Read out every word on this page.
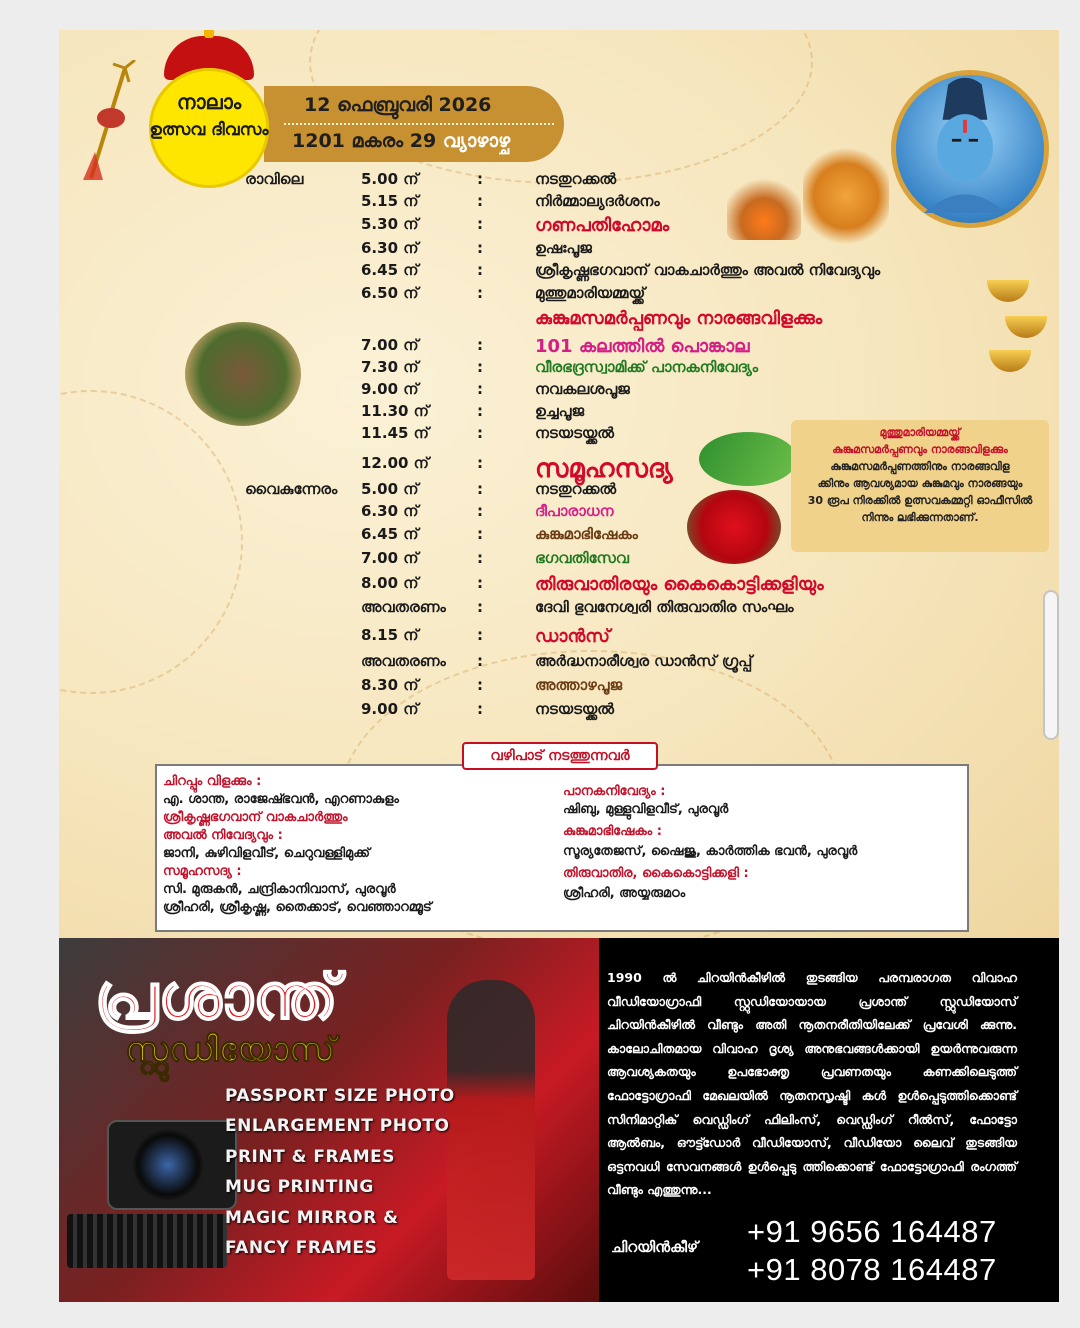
12 ഫെബ്രുവരി 2026
1201 മകരം 29 വ്യാഴാഴ്ച
നാലാം
ഉത്സവ ദിവസം
രാവിലെ	5.00 ന്	:	നടതുറക്കൽ
5.15 ന്	:	നിർമ്മാല്യദർശനം
5.30 ന്	:	ഗണപതിഹോമം
6.30 ന്	:	ഉഷഃപൂജ
6.45 ന്	:	ശ്രീകൃഷ്ണഭഗവാന് വാകചാർത്തും അവൽ നിവേദ്യവും
6.50 ന്	:	മുത്തുമാരിയമ്മയ്ക്ക്
കുങ്കുമസമർപ്പണവും നാരങ്ങവിളക്കും
7.00 ന്	:	101 കലത്തിൽ പൊങ്കാല
7.30 ന്	:	വീരഭദ്രസ്വാമിക്ക് പാനകനിവേദ്യം
9.00 ന്	:	നവകലശപൂജ
11.30 ന്	:	ഉച്ചപൂജ
11.45 ന്	:	നടയടയ്ക്കൽ
12.00 ന്	: സമൂഹസദ്യ
വൈകുന്നേരം 5.00 ന്	:	നടതുറക്കൽ
6.30 ന്	:	ദീപാരാധന
6.45 ന്	:	കുങ്കുമാഭിഷേകം
7.00 ന്	:	ഭഗവതിസേവ
8.00 ന്	:	തിരുവാതിരയും കൈകൊട്ടിക്കളിയും
അവതരണം :	ദേവി ഭുവനേശ്വരി തിരുവാതിര സംഘം
8.15 ന്	:	ഡാൻസ്
അവതരണം :	അർദ്ധനാരീശ്വര ഡാൻസ് ഗ്രൂപ്പ്
8.30 ന്	:	അത്താഴപൂജ
9.00 ന്	:	നടയടയ്ക്കൽ
മുത്തുമാരിയമ്മയ്ക്ക്
കുങ്കുമസമർപ്പണവും നാരങ്ങവിളക്കും
കുങ്കുമസമർപ്പണത്തിനും നാരങ്ങവിള
ക്കിനും ആവശ്യമായ കുങ്കുമവും നാരങ്ങയും
30 രൂപ നിരക്കിൽ ഉത്സവകമ്മറ്റി ഓഫീസിൽ
നിന്നും ലഭിക്കുന്നതാണ്.
ചിറപ്പും വിളക്കും :
എ. ശാന്ത, രാജേഷ്ഭവൻ, എറണാകുളം
ശ്രീകൃഷ്ണഭഗവാന് വാകചാർത്തും
അവൽ നിവേദ്യവും :
ജാനി, കുഴിവിളവീട്, ചെറുവള്ളിമുക്ക്
സമൂഹസദ്യ :
സി. മുരുകൻ, ചന്ദ്രികാനിവാസ്, പുരവൂർ
ശ്രീഹരി, ശ്രീകൃഷ്ണ, തൈക്കാട്, വെഞ്ഞാറമ്മൂട്
പാനകനിവേദ്യം :
ഷിബു, മുള്ളുവിളവീട്, പുരവൂർ
കുങ്കുമാഭിഷേകം :
സൂര്യതേജസ്, ഷൈജു, കാർത്തിക ഭവൻ, പുരവൂർ
തിരുവാതിര, കൈകൊട്ടിക്കളി :
ശ്രീഹരി, അയ്യരുമഠം
വഴിപാട് നടത്തുന്നവർ
പ്രശാന്ത്
സ്റ്റുഡിയോസ്
PASSPORT SIZE PHOTO
ENLARGEMENT PHOTO
PRINT & FRAMES
MUG PRINTING
MAGIC MIRROR &
FANCY FRAMES
1990 ൽ ചിറയിൻകീഴിൽ തുടങ്ങിയ പരമ്പരാഗത വിവാഹ വീഡിയോഗ്രാഫി സ്റ്റുഡിയോയായ പ്രശാന്ത് സ്റ്റുഡിയോസ് ചിറയിൻകീഴിൽ വീണ്ടും അതി നൂതനരീതിയിലേക്ക് പ്രവേശി ക്കുന്നു. കാലോചിതമായ വിവാഹ ദൃശ്യ അനുഭവങ്ങൾക്കായി ഉയർന്നുവരുന്ന ആവശ്യകതയും ഉപഭോക്തൃ പ്രവണതയും കണക്കിലെടുത്ത് ഫോട്ടോഗ്രാഫി മേഖലയിൽ നൂതനസൃഷ്ടി കൾ ഉൾപ്പെടുത്തിക്കൊണ്ട് സിനിമാറ്റിക് വെഡ്ഡിംഗ് ഫിലിംസ്, വെഡ്ഡിംഗ് റീൽസ്, ഫോട്ടോ ആൽബം, ഔട്ട്ഡോർ വീഡിയോസ്, വീഡിയോ ലൈവ് തുടങ്ങിയ ഒട്ടനവധി സേവനങ്ങൾ ഉൾപ്പെടു ത്തിക്കൊണ്ട് ഫോട്ടോഗ്രാഫി രംഗത്ത് വീണ്ടും എത്തുന്നു...
ചിറയിൻകീഴ് +91 9656 164487
+91 8078 164487
